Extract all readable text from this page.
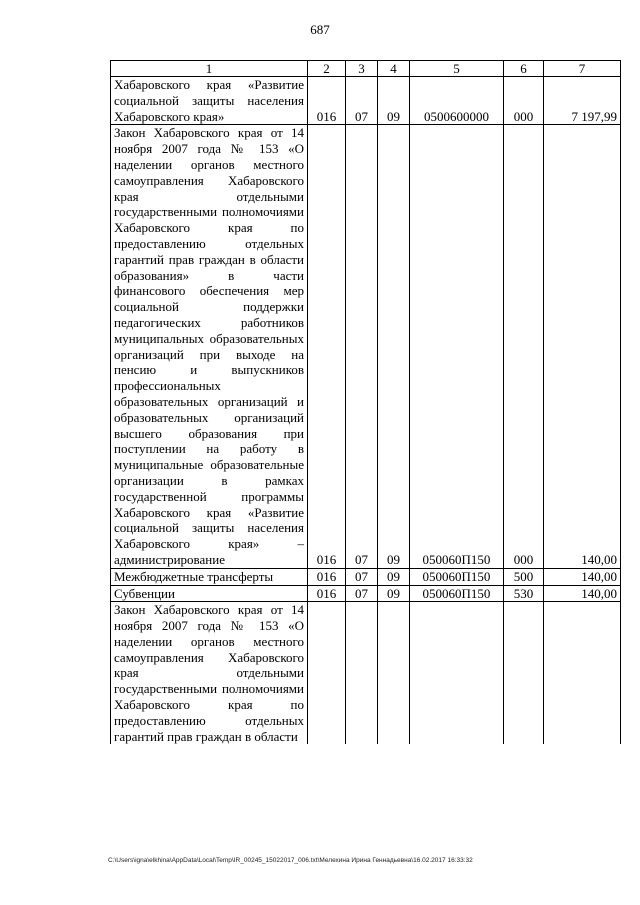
687
1	2	3	4	5	6	7
Хабаровского края «Развитие социальной защиты населения Хабаровского края»	016	07	09	0500600000	000	7 197,99
Закон Хабаровского края от 14 ноября 2007 года № 153 «О наделении органов местного самоуправления Хабаровского края отдельными государственными полномочиями Хабаровского края по предоставлению отдельных гарантий прав граждан в области образования» в части финансового обеспечения мер социальной поддержки педагогических работников муниципальных образовательных организаций при выходе на пенсию и выпускников профессиональных образовательных организаций и образовательных организаций высшего образования при поступлении на работу в муниципальные образовательные организации в рамках государственной программы Хабаровского края «Развитие социальной защиты населения Хабаровского края» – администрирование	016	07	09	050060П150	000	140,00
Межбюджетные трансферты	016	07	09	050060П150	500	140,00
Субвенции	016	07	09	050060П150	530	140,00
Закон Хабаровского края от 14 ноября 2007 года № 153 «О наделении органов местного самоуправления Хабаровского края отдельными государственными полномочиями Хабаровского края по предоставлению отдельных гарантий прав граждан в области						
C:\Users\igna\elkhina\AppData\Local\Temp\IR_00245_15022017_006.txt\Мелехина Ирина Геннадьевна\16.02.2017 16:33:32
